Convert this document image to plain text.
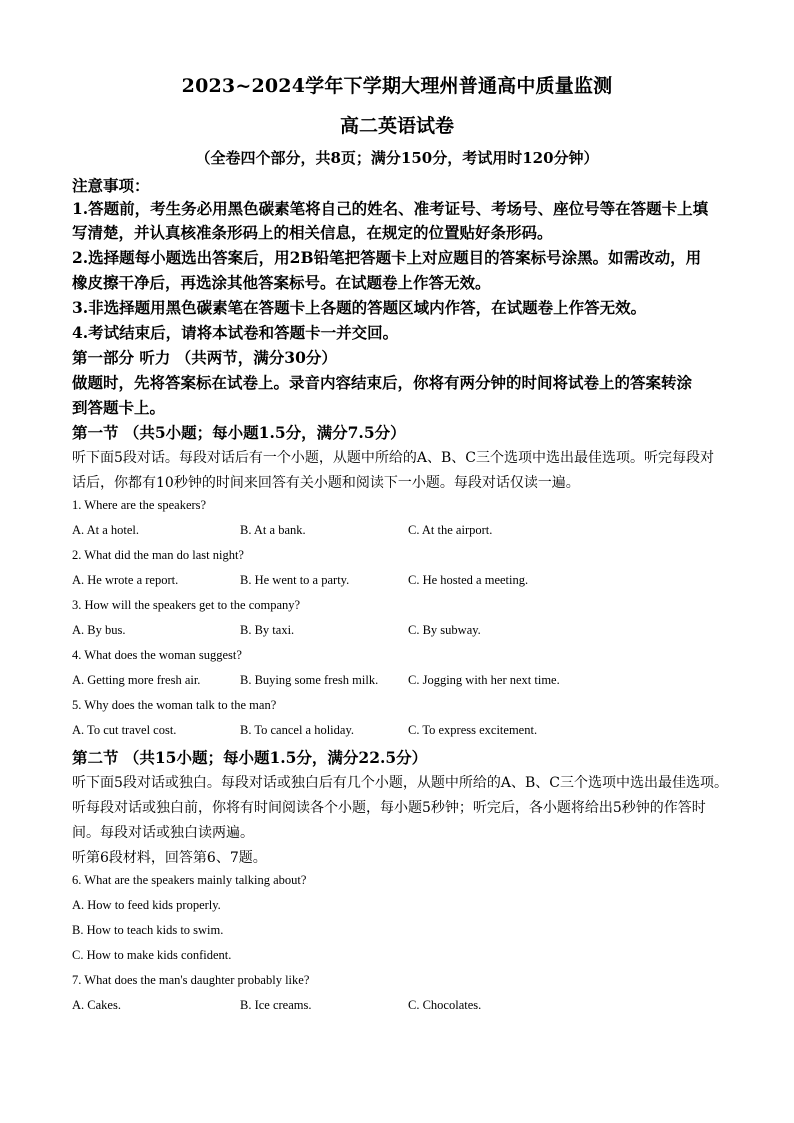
2023~2024学年下学期大理州普通高中质量监测
高二英语试卷
（全卷四个部分，共8页；满分150分，考试用时120分钟）
注意事项：
1.答题前，考生务必用黑色碳素笔将自己的姓名、准考证号、考场号、座位号等在答题卡上填
写清楚，并认真核准条形码上的相关信息，在规定的位置贴好条形码。
2.选择题每小题选出答案后，用2B铅笔把答题卡上对应题目的答案标号涂黑。如需改动，用
橡皮擦干净后，再选涂其他答案标号。在试题卷上作答无效。
3.非选择题用黑色碳素笔在答题卡上各题的答题区域内作答，在试题卷上作答无效。
4.考试结束后，请将本试卷和答题卡一并交回。
第一部分 听力 （共两节，满分30分）
做题时，先将答案标在试卷上。录音内容结束后，你将有两分钟的时间将试卷上的答案转涂
到答题卡上。
第一节 （共5小题；每小题1.5分，满分7.5分）
听下面5段对话。每段对话后有一个小题，从题中所给的A、B、C三个选项中选出最佳选项。听完每段对
话后，你都有10秒钟的时间来回答有关小题和阅读下一小题。每段对话仅读一遍。
1. Where are the speakers?
A. At a hotel.	B. At a bank.	C. At the airport.
2. What did the man do last night?
A. He wrote a report.	B. He went to a party.	C. He hosted a meeting.
3. How will the speakers get to the company?
A. By bus.	B. By taxi.	C. By subway.
4. What does the woman suggest?
A. Getting more fresh air.	B. Buying some fresh milk. C. Jogging with her next time.
5. Why does the woman talk to the man?
A. To cut travel cost.	B. To cancel a holiday.	C. To express excitement.
第二节 （共15小题；每小题1.5分，满分22.5分）
听下面5段对话或独白。每段对话或独白后有几个小题，从题中所给的A、B、C三个选项中选出最佳选项。
听每段对话或独白前，你将有时间阅读各个小题，每小题5秒钟；听完后，各小题将给出5秒钟的作答时
间。每段对话或独白读两遍。
听第6段材料，回答第6、7题。
6. What are the speakers mainly talking about?
A. How to feed kids properly.
B. How to teach kids to swim.
C. How to make kids confident.
7. What does the man's daughter probably like?
A. Cakes.	B. Ice creams.	C. Chocolates.
